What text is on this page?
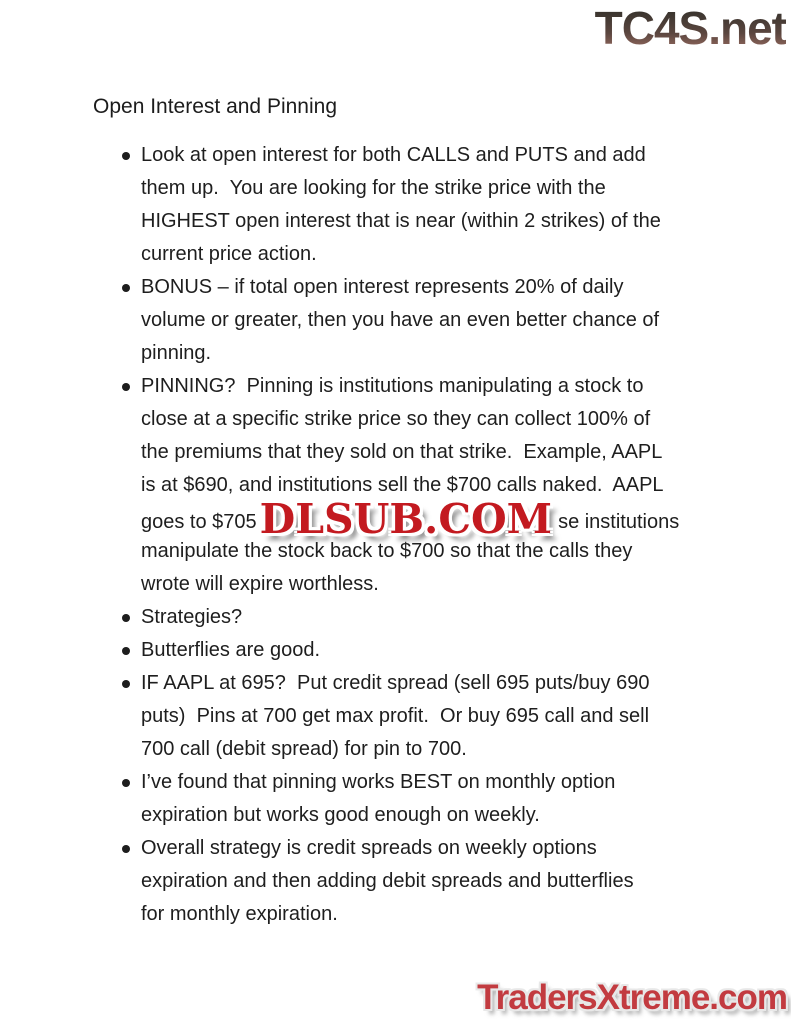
TC4S.net
Open Interest and Pinning
Look at open interest for both CALLS and PUTS and add
them up.  You are looking for the strike price with the
HIGHEST open interest that is near (within 2 strikes) of the
current price action.
BONUS – if total open interest represents 20% of daily
volume or greater, then you have an even better chance of
pinning.
PINNING?  Pinning is institutions manipulating a stock to
close at a specific strike price so they can collect 100% of
the premiums that they sold on that strike.  Example, AAPL
is at $690, and institutions sell the $700 calls naked.  AAPL
goes to $705DLSUB.COM se institutions
manipulate the stock back to $700 so that the calls they
wrote will expire worthless.
Strategies?
Butterflies are good.
IF AAPL at 695?  Put credit spread (sell 695 puts/buy 690
puts)  Pins at 700 get max profit.  Or buy 695 call and sell
700 call (debit spread) for pin to 700.
I’ve found that pinning works BEST on monthly option
expiration but works good enough on weekly.
Overall strategy is credit spreads on weekly options
expiration and then adding debit spreads and butterflies
for monthly expiration.
TradersXtreme.com
